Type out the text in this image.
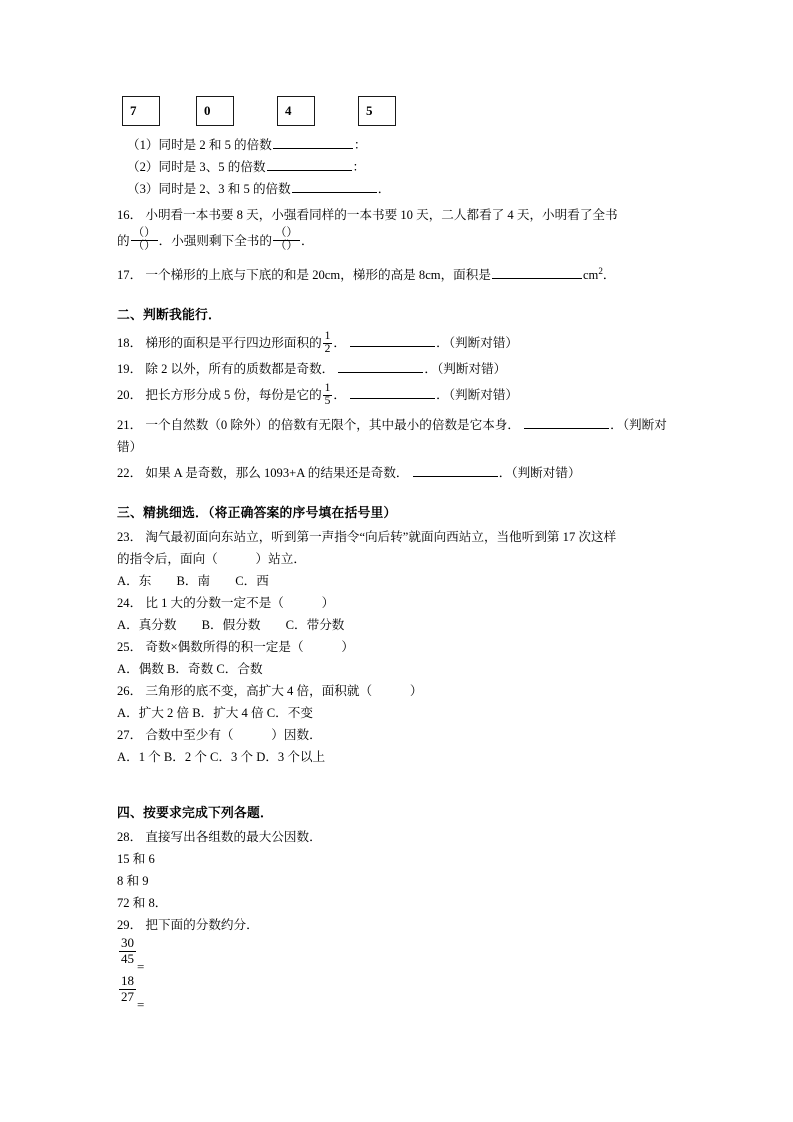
7	0	4	5
（1）同时是 2 和 5 的倍数	：
（2）同时是 3、5 的倍数	：
（3）同时是 2、3 和 5 的倍数	．
16． 小明看一本书要 8 天，小强看同样的一本书要 10 天，二人都看了 4 天，小明看了全书
的 $\frac{()}{()}$ ．小强则剩下全书的 $\frac{()}{()}$ ．
17． 一个梯形的上底与下底的和是 20cm，梯形的高是 8cm，面积是	$cm^2$．
二、判断我能行．
18． 梯形的面积是平行四边形面积的 $\frac{1}{2}$ ．	．（判断对错）
19． 除 2 以外，所有的质数都是奇数．	．（判断对错）
20． 把长方形分成 5 份，每份是它的 $\frac{1}{5}$ ．	．（判断对错）
21． 一个自然数（0 除外）的倍数有无限个，其中最小的倍数是它本身．	．（判断对错）
22． 如果 A 是奇数，那么 1093+A 的结果还是奇数．	．（判断对错）
三、精挑细选．（将正确答案的序号填在括号里）
23． 淘气最初面向东站立，听到第一声指令“向后转”就面向西站立，当他听到第 17 次这样
的指令后，面向（　　　）站立．
A．东　　B．南　　C．西
24． 比 1 大的分数一定不是（　　　）
A．真分数　　B．假分数　　C．带分数
25． 奇数×偶数所得的积一定是（　　　）
A．偶数 B．奇数 C．合数
26． 三角形的底不变，高扩大 4 倍，面积就（　　　）
A．扩大 2 倍 B．扩大 4 倍 C．不变
27． 合数中至少有（　　　）因数．
A．1 个 B．2 个 C．3 个 D．3 个以上
四、按要求完成下列各题．
28． 直接写出各组数的最大公因数．
15 和 6
8 和 9
72 和 8．
29． 把下面的分数约分．
$\frac{30}{45}$ =
$\frac{18}{27}$ =
